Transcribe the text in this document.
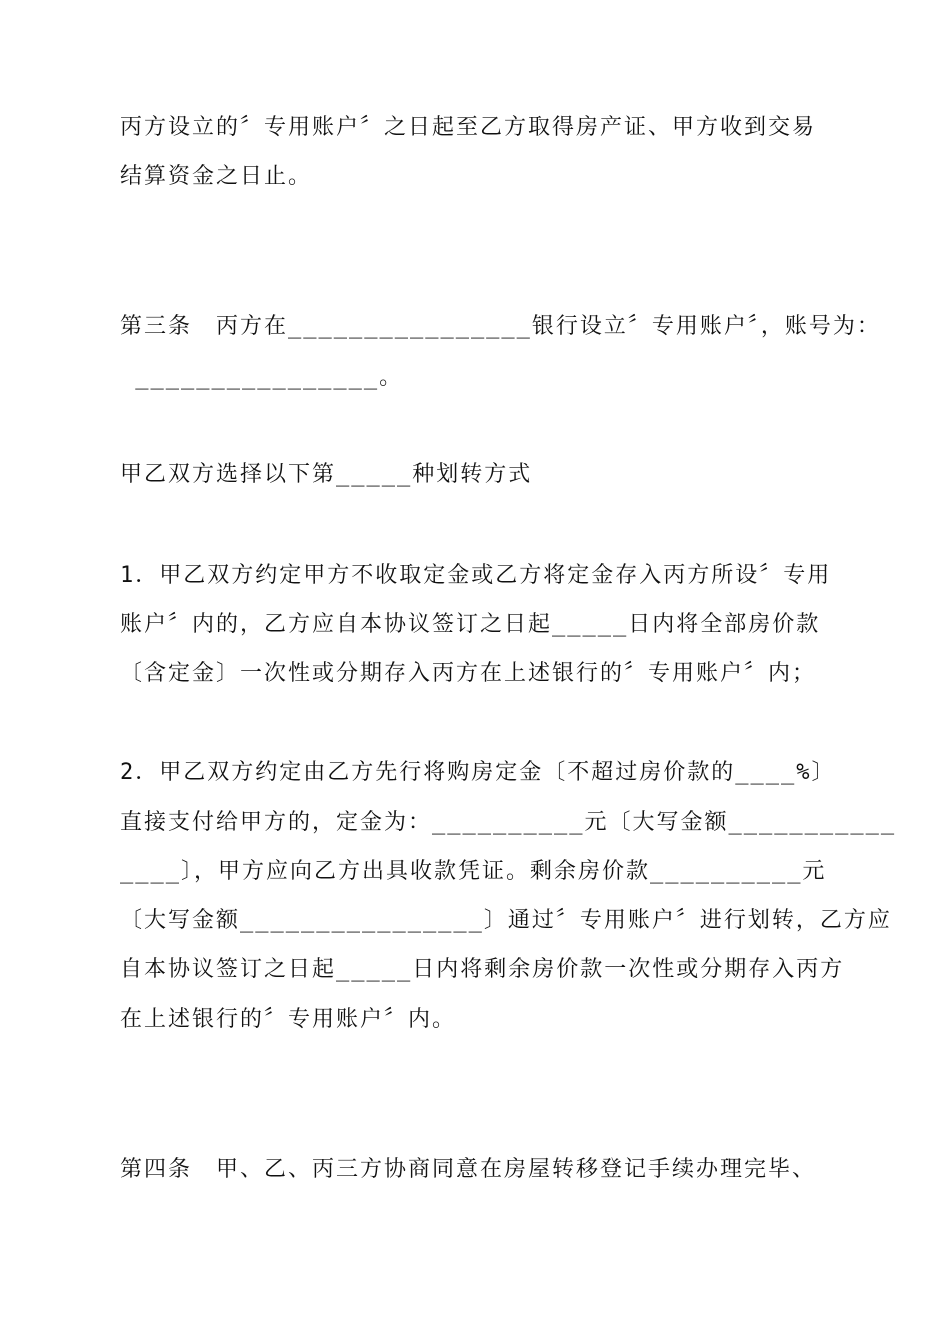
丙方设立的〞专用账户〞之日起至乙方取得房产证、甲方收到交易
结算资金之日止。
第三条　丙方在________________银行设立〞专用账户〞，账号为：
________________。
甲乙双方选择以下第_____种划转方式
1．甲乙双方约定甲方不收取定金或乙方将定金存入丙方所设〞专用
账户〞内的，乙方应自本协议签订之日起_____日内将全部房价款
〔含定金〕一次性或分期存入丙方在上述银行的〞专用账户〞内；
2．甲乙双方约定由乙方先行将购房定金〔不超过房价款的____%〕
直接支付给甲方的，定金为：__________元〔大写金额___________
____〕，甲方应向乙方出具收款凭证。剩余房价款__________元
〔大写金额________________〕通过〞专用账户〞进行划转，乙方应
自本协议签订之日起_____日内将剩余房价款一次性或分期存入丙方
在上述银行的〞专用账户〞内。
第四条　甲、乙、丙三方协商同意在房屋转移登记手续办理完毕、
